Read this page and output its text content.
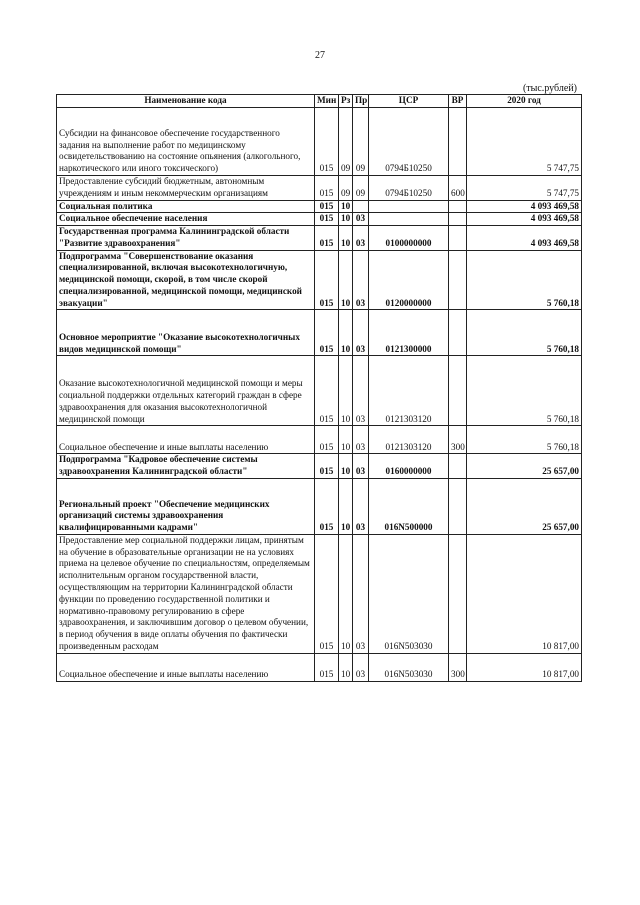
27
(тыс.рублей)
Наименование кода	Мин	Рз	Пр	ЦСР	ВР	2020 год
Субсидии на финансовое обеспечение государственного задания на выполнение работ по медицинскому освидетельствованию на состояние опьянения (алкогольного, наркотического или иного токсического)	015	09	09	0794Б10250		5 747,75
Предоставление субсидий бюджетным, автономным учреждениям и иным некоммерческим организациям	015	09	09	0794Б10250	600	5 747,75
Социальная политика	015	10				4 093 469,58
Социальное обеспечение населения	015	10	03			4 093 469,58
Государственная программа Калининградской области "Развитие здравоохранения"	015	10	03	0100000000		4 093 469,58
Подпрограмма "Совершенствование оказания специализированной, включая высокотехнологичную, медицинской помощи, скорой, в том числе скорой специализированной, медицинской помощи, медицинской эвакуации"	015	10	03	0120000000		5 760,18
Основное мероприятие "Оказание высокотехнологичных видов медицинской помощи"	015	10	03	0121300000		5 760,18
Оказание высокотехнологичной медицинской помощи и меры социальной поддержки отдельных категорий граждан в сфере здравоохранения для оказания высокотехнологичной медицинской помощи	015	10	03	0121303120		5 760,18
Социальное обеспечение и иные выплаты населению	015	10	03	0121303120	300	5 760,18
Подпрограмма "Кадровое обеспечение системы здравоохранения Калининградской области"	015	10	03	0160000000		25 657,00
Региональный проект "Обеспечение медицинских организаций системы здравоохранения квалифицированными кадрами"	015	10	03	016N500000		25 657,00
Предоставление мер социальной поддержки лицам, принятым на обучение в образовательные организации не на условиях приема на целевое обучение по специальностям, определяемым исполнительным органом государственной власти, осуществляющим на территории Калининградской области функции по проведению государственной политики и нормативно-правовому регулированию в сфере здравоохранения, и заключившим договор о целевом обучении, в период обучения в виде оплаты обучения по фактически произведенным расходам	015	10	03	016N503030		10 817,00
Социальное обеспечение и иные выплаты населению	015	10	03	016N503030	300	10 817,00
